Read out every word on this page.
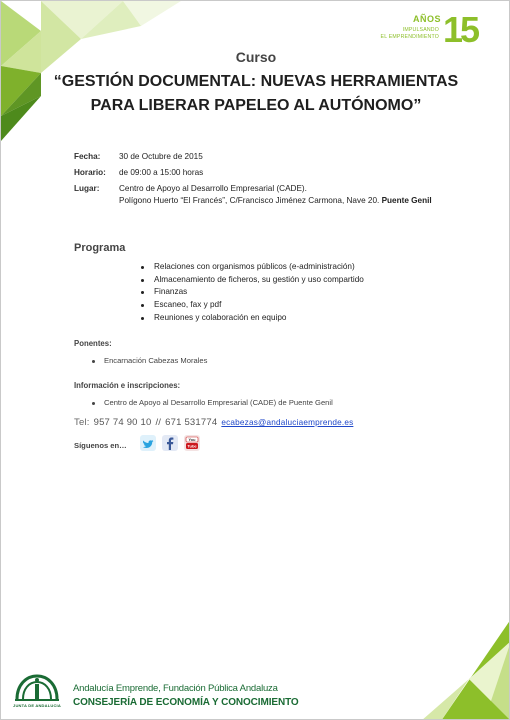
AÑOS
IMPULSANDO
EL EMPRENDIMIENTO 15
Curso
“GESTIÓN DOCUMENTAL: NUEVAS HERRAMIENTAS
PARA LIBERAR PAPELEO AL AUTÓNOMO”
Fecha:	30 de Octubre de 2015
Horario:	de 09:00 a 15:00 horas
Lugar:	Centro de Apoyo al Desarrollo Empresarial (CADE).
Polígono Huerto “El Francés”, C/Francisco Jiménez Carmona, Nave 20. Puente Genil
Programa
Relaciones con organismos públicos (e-administración)
Almacenamiento de ficheros, su gestión y uso compartido
Finanzas
Escaneo, fax y pdf
Reuniones y colaboración en equipo
Ponentes:
Encarnación Cabezas Morales
Información e inscripciones:
Centro de Apoyo al Desarrollo Empresarial (CADE) de Puente Genil
Tel: 957 74 90 10 // 671 531774 ecabezas@andaluciaemprende.es
Síguenos en…
You
Tube
JUNTA DE ANDALUCIA
Andalucía Emprende, Fundación Pública Andaluza
CONSEJERÍA DE ECONOMÍA Y CONOCIMIENTO
